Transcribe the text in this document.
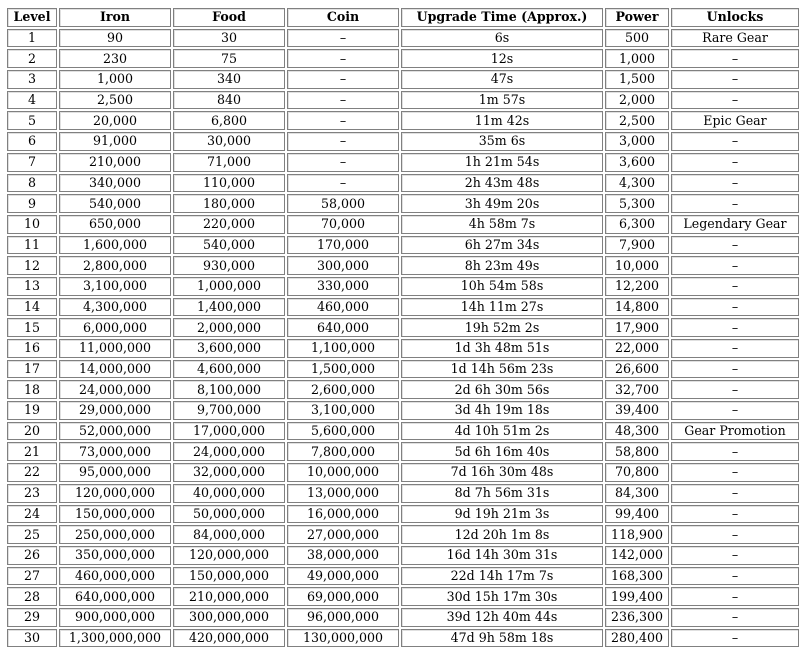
Level	Iron	Food	Coin	Upgrade Time (Approx.)	Power	Unlocks
1	90	30	–	6s	500	Rare Gear
2	230	75	–	12s	1,000	–
3	1,000	340	–	47s	1,500	–
4	2,500	840	–	1m 57s	2,000	–
5	20,000	6,800	–	11m 42s	2,500	Epic Gear
6	91,000	30,000	–	35m 6s	3,000	–
7	210,000	71,000	–	1h 21m 54s	3,600	–
8	340,000	110,000	–	2h 43m 48s	4,300	–
9	540,000	180,000	58,000	3h 49m 20s	5,300	–
10	650,000	220,000	70,000	4h 58m 7s	6,300	Legendary Gear
11	1,600,000	540,000	170,000	6h 27m 34s	7,900	–
12	2,800,000	930,000	300,000	8h 23m 49s	10,000	–
13	3,100,000	1,000,000	330,000	10h 54m 58s	12,200	–
14	4,300,000	1,400,000	460,000	14h 11m 27s	14,800	–
15	6,000,000	2,000,000	640,000	19h 52m 2s	17,900	–
16	11,000,000	3,600,000	1,100,000	1d 3h 48m 51s	22,000	–
17	14,000,000	4,600,000	1,500,000	1d 14h 56m 23s	26,600	–
18	24,000,000	8,100,000	2,600,000	2d 6h 30m 56s	32,700	–
19	29,000,000	9,700,000	3,100,000	3d 4h 19m 18s	39,400	–
20	52,000,000	17,000,000	5,600,000	4d 10h 51m 2s	48,300	Gear Promotion
21	73,000,000	24,000,000	7,800,000	5d 6h 16m 40s	58,800	–
22	95,000,000	32,000,000	10,000,000	7d 16h 30m 48s	70,800	–
23	120,000,000	40,000,000	13,000,000	8d 7h 56m 31s	84,300	–
24	150,000,000	50,000,000	16,000,000	9d 19h 21m 3s	99,400	–
25	250,000,000	84,000,000	27,000,000	12d 20h 1m 8s	118,900	–
26	350,000,000	120,000,000	38,000,000	16d 14h 30m 31s	142,000	–
27	460,000,000	150,000,000	49,000,000	22d 14h 17m 7s	168,300	–
28	640,000,000	210,000,000	69,000,000	30d 15h 17m 30s	199,400	–
29	900,000,000	300,000,000	96,000,000	39d 12h 40m 44s	236,300	–
30	1,300,000,000	420,000,000	130,000,000	47d 9h 58m 18s	280,400	–
